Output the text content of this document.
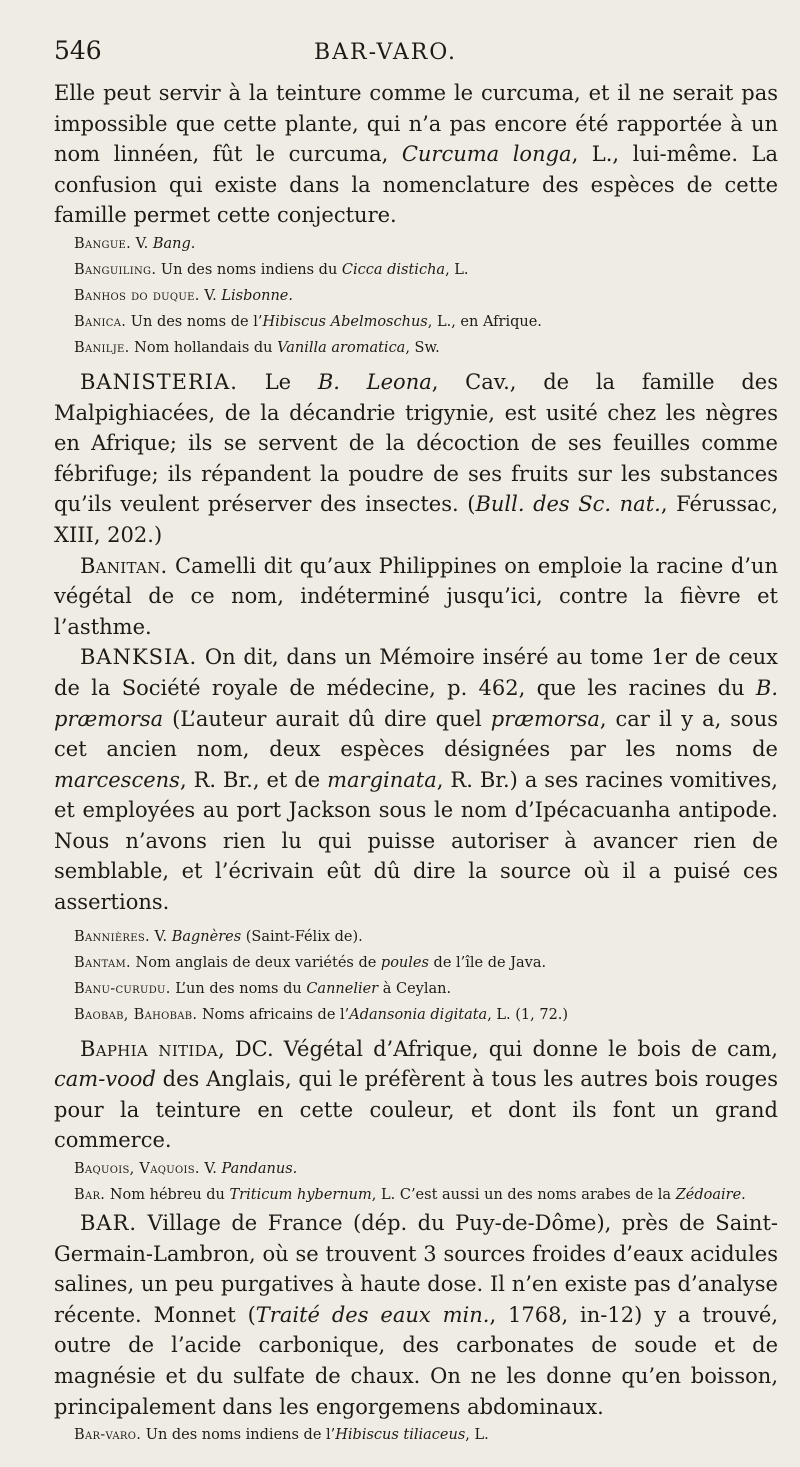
546	BAR-VARO.

Elle peut servir à la teinture comme le curcuma, et il ne serait pas impossible que cette plante, qui n’a pas encore été rapportée à un nom linnéen, fût le curcuma, Curcuma longa, L., lui-même. La confusion qui existe dans la nomenclature des espèces de cette famille permet cette conjecture.

Bangue. V. Bang.

Banguiling. Un des noms indiens du Cicca disticha, L.

Banhos do duque. V. Lisbonne.

Banica. Un des noms de l’Hibiscus Abelmoschus, L., en Afrique.

Banilje. Nom hollandais du Vanilla aromatica, Sw.

BANISTERIA. Le B. Leona, Cav., de la famille des Malpighiacées, de la décandrie trigynie, est usité chez les nègres en Afrique; ils se servent de la décoction de ses feuilles comme fébrifuge; ils répandent la poudre de ses fruits sur les substances qu’ils veulent préserver des insectes. (Bull. des Sc. nat., Férussac, XIII, 202.)

Banitan. Camelli dit qu’aux Philippines on emploie la racine d’un végétal de ce nom, indéterminé jusqu’ici, contre la fièvre et l’asthme.

BANKSIA. On dit, dans un Mémoire inséré au tome 1er de ceux de la Société royale de médecine, p. 462, que les racines du B. præmorsa (L’auteur aurait dû dire quel præmorsa, car il y a, sous cet ancien nom, deux espèces désignées par les noms de marcescens, R. Br., et de marginata, R. Br.) a ses racines vomitives, et employées au port Jackson sous le nom d’Ipécacuanha antipode. Nous n’avons rien lu qui puisse autoriser à avancer rien de semblable, et l’écrivain eût dû dire la source où il a puisé ces assertions.

Bannières. V. Bagnères (Saint-Félix de).

Bantam. Nom anglais de deux variétés de poules de l’île de Java.

Banu-curudu. L’un des noms du Cannelier à Ceylan.

Baobab, Bahobab. Noms africains de l’Adansonia digitata, L. (1, 72.)

Baphia nitida, DC. Végétal d’Afrique, qui donne le bois de cam, cam-vood des Anglais, qui le préfèrent à tous les autres bois rouges pour la teinture en cette couleur, et dont ils font un grand commerce.

Baquois, Vaquois. V. Pandanus.

Bar. Nom hébreu du Triticum hybernum, L. C’est aussi un des noms arabes de la Zédoaire.

BAR. Village de France (dép. du Puy-de-Dôme), près de Saint-Germain-Lambron, où se trouvent 3 sources froides d’eaux acidules salines, un peu purgatives à haute dose. Il n’en existe pas d’analyse récente. Monnet (Traité des eaux min., 1768, in-12) y a trouvé, outre de l’acide carbonique, des carbonates de soude et de magnésie et du sulfate de chaux. On ne les donne qu’en boisson, principalement dans les engorgemens abdominaux.

Bar-varo. Un des noms indiens de l’Hibiscus tiliaceus, L.
